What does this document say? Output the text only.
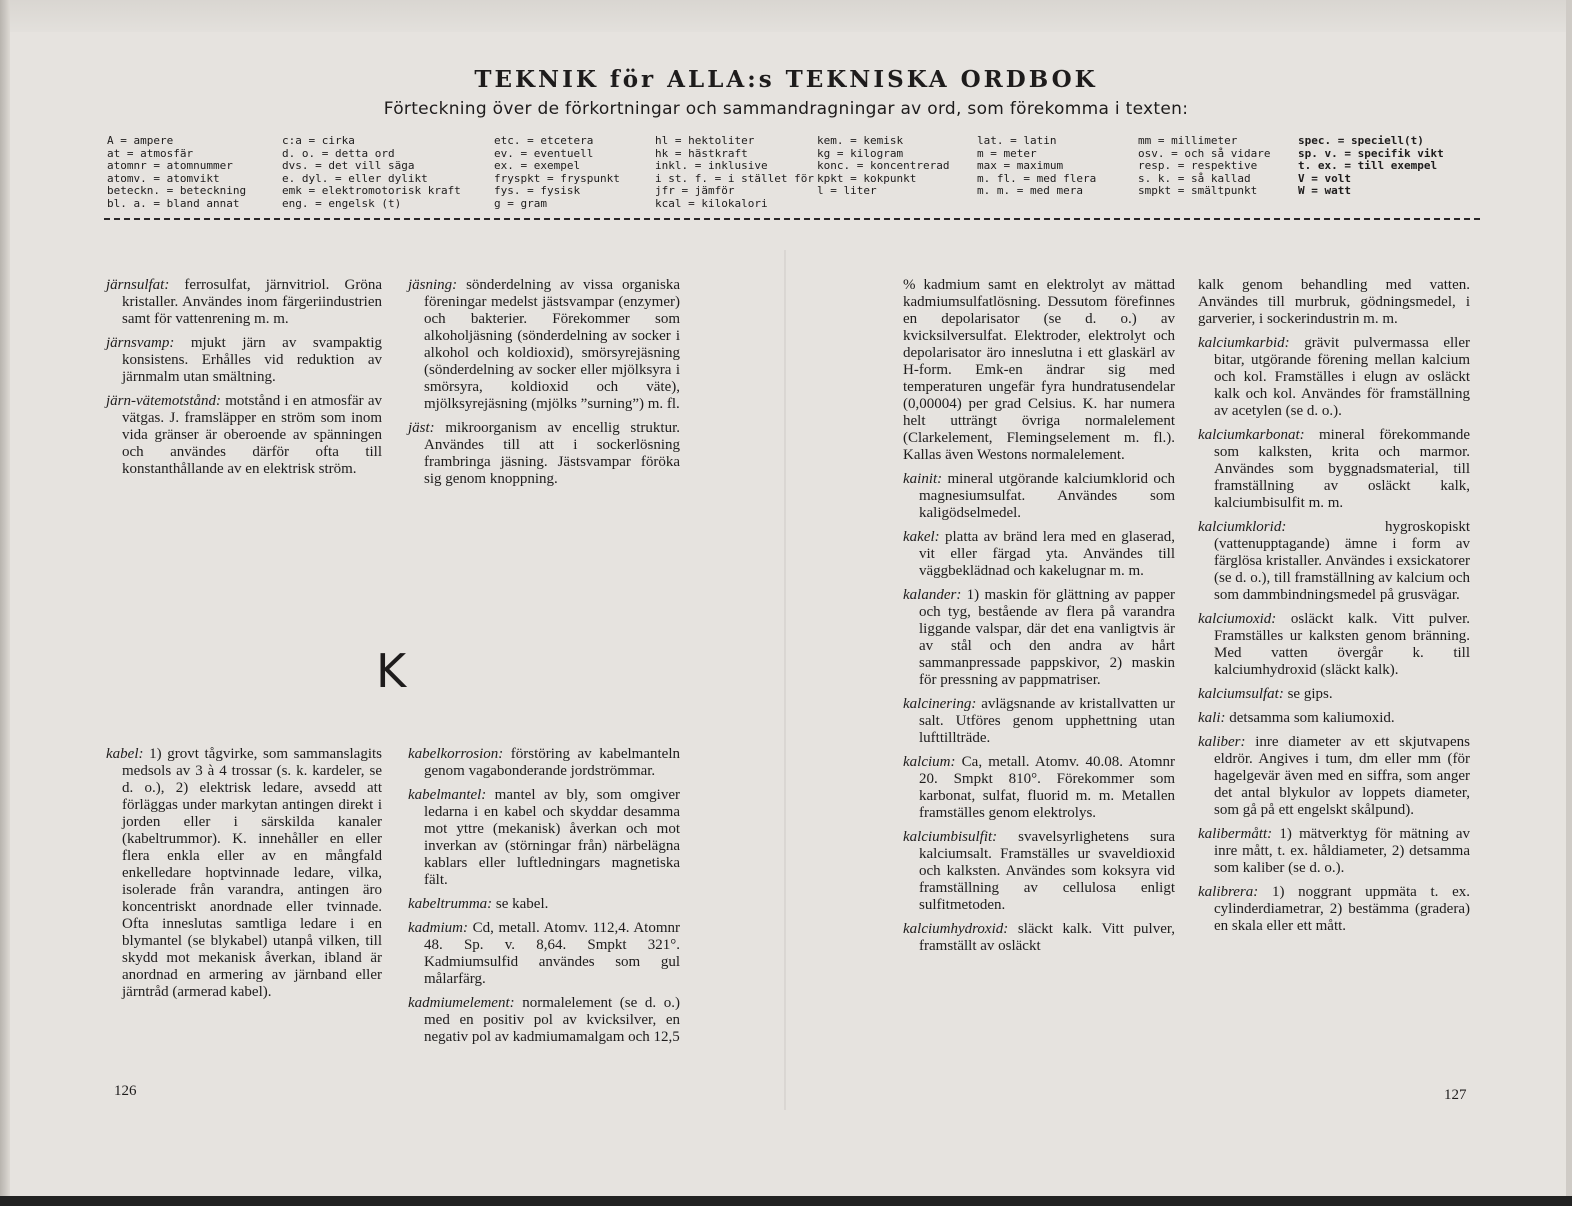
TEKNIK för ALLA:s TEKNISKA ORDBOK
Förteckning över de förkortningar och sammandragningar av ord, som förekomma i texten:
A = ampere
at = atmosfär
atomnr = atomnummer
atomv. = atomvikt
beteckn. = beteckning
bl. a. = bland annat
c:a = cirka
d. o. = detta ord
dvs. = det vill säga
e. dyl. = eller dylikt
emk = elektromotorisk kraft
eng. = engelsk (t)
etc. = etcetera
ev. = eventuell
ex. = exempel
fryspkt = fryspunkt
fys. = fysisk
g = gram
hl = hektoliter
hk = hästkraft
inkl. = inklusive
i st. f. = i stället för
jfr = jämför
kcal = kilokalori
kem. = kemisk
kg = kilogram
konc. = koncentrerad
kpkt = kokpunkt
l = liter
lat. = latin
m = meter
max = maximum
m. fl. = med flera
m. m. = med mera
mm = millimeter
osv. = och så vidare
resp. = respektive
s. k. = så kallad
smpkt = smältpunkt
spec. = speciell(t)
sp. v. = specifik vikt
t. ex. = till exempel
V = volt
W = watt

järnsulfat: ferrosulfat, järnvitriol. Gröna kristaller. Användes inom färgeriindustrien samt för vattenrening m. m.

järnsvamp: mjukt järn av svampaktig konsistens. Erhålles vid reduktion av järnmalm utan smältning.

järn-vätemotstånd: motstånd i en atmosfär av vätgas. J. framsläpper en ström som inom vida gränser är oberoende av spänningen och användes därför ofta till konstanthållande av en elektrisk ström.

jäsning: sönderdelning av vissa organiska föreningar medelst jästsvampar (enzymer) och bakterier. Förekommer som alkoholjäsning (sönderdelning av socker i alkohol och koldioxid), smörsyrejäsning (sönderdelning av socker eller mjölksyra i smörsyra, koldioxid och väte), mjölksyrejäsning (mjölks ”surning”) m. fl.

jäst: mikroorganism av encellig struktur. Användes till att i sockerlösning frambringa jäsning. Jästsvampar föröka sig genom knoppning.

K

kabel: 1) grovt tågvirke, som sammanslagits medsols av 3 à 4 trossar (s. k. kardeler, se d. o.), 2) elektrisk ledare, avsedd att förläggas under markytan antingen direkt i jorden eller i särskilda kanaler (kabeltrummor). K. innehåller en eller flera enkla eller av en mångfald enkelledare hoptvinnade ledare, vilka, isolerade från varandra, antingen äro koncentriskt anordnade eller tvinnade. Ofta inneslutas samtliga ledare i en blymantel (se blykabel) utanpå vilken, till skydd mot mekanisk åverkan, ibland är anordnad en armering av järnband eller järntråd (armerad kabel).

kabelkorrosion: förstöring av kabelmanteln genom vagabonderande jordströmmar.

kabelmantel: mantel av bly, som omgiver ledarna i en kabel och skyddar desamma mot yttre (mekanisk) åverkan och mot inverkan av (störningar från) närbelägna kablars eller luftledningars magnetiska fält.

kabeltrumma: se kabel.

kadmium: Cd, metall. Atomv. 112,4. Atomnr 48. Sp. v. 8,64. Smpkt 321°. Kadmiumsulfid användes som gul målarfärg.

kadmiumelement: normalelement (se d. o.) med en positiv pol av kvicksilver, en negativ pol av kadmiumamalgam och 12,5

% kadmium samt en elektrolyt av mättad kadmiumsulfatlösning. Dessutom förefinnes en depolarisator (se d. o.) av kvicksilversulfat. Elektroder, elektrolyt och depolarisator äro inneslutna i ett glaskärl av H-form. Emk-en ändrar sig med temperaturen ungefär fyra hundratusendelar (0,00004) per grad Celsius. K. har numera helt utträngt övriga normalelement (Clarkelement, Flemingselement m. fl.). Kallas även Westons normalelement.

kainit: mineral utgörande kalciumklorid och magnesiumsulfat. Användes som kaligödselmedel.

kakel: platta av bränd lera med en glaserad, vit eller färgad yta. Användes till väggbeklädnad och kakelugnar m. m.

kalander: 1) maskin för glättning av papper och tyg, bestående av flera på varandra liggande valspar, där det ena vanligtvis är av stål och den andra av hårt sammanpressade pappskivor, 2) maskin för pressning av pappmatriser.

kalcinering: avlägsnande av kristallvatten ur salt. Utföres genom upphettning utan lufttillträde.

kalcium: Ca, metall. Atomv. 40.08. Atomnr 20. Smpkt 810°. Förekommer som karbonat, sulfat, fluorid m. m. Metallen framställes genom elektrolys.

kalciumbisulfit: svavelsyrlighetens sura kalciumsalt. Framställes ur svaveldioxid och kalksten. Användes som koksyra vid framställning av cellulosa enligt sulfitmetoden.

kalciumhydroxid: släckt kalk. Vitt pulver, framställt av osläckt

kalk genom behandling med vatten. Användes till murbruk, gödningsmedel, i garverier, i sockerindustrin m. m.

kalciumkarbid: grävit pulvermassa eller bitar, utgörande förening mellan kalcium och kol. Framställes i elugn av osläckt kalk och kol. Användes för framställning av acetylen (se d. o.).

kalciumkarbonat: mineral förekommande som kalksten, krita och marmor. Användes som byggnadsmaterial, till framställning av osläckt kalk, kalciumbisulfit m. m.

kalciumklorid: hygroskopiskt (vattenupptagande) ämne i form av färglösa kristaller. Användes i exsickatorer (se d. o.), till framställning av kalcium och som dammbindningsmedel på grusvägar.

kalciumoxid: osläckt kalk. Vitt pulver. Framställes ur kalksten genom bränning. Med vatten övergår k. till kalciumhydroxid (släckt kalk).

kalciumsulfat: se gips.

kali: detsamma som kaliumoxid.

kaliber: inre diameter av ett skjutvapens eldrör. Angives i tum, dm eller mm (för hagelgevär även med en siffra, som anger det antal blykulor av loppets diameter, som gå på ett engelskt skålpund).

kalibermått: 1) mätverktyg för mätning av inre mått, t. ex. håldiameter, 2) detsamma som kaliber (se d. o.).

kalibrera: 1) noggrant uppmäta t. ex. cylinderdiametrar, 2) bestämma (gradera) en skala eller ett mått.

126	127
